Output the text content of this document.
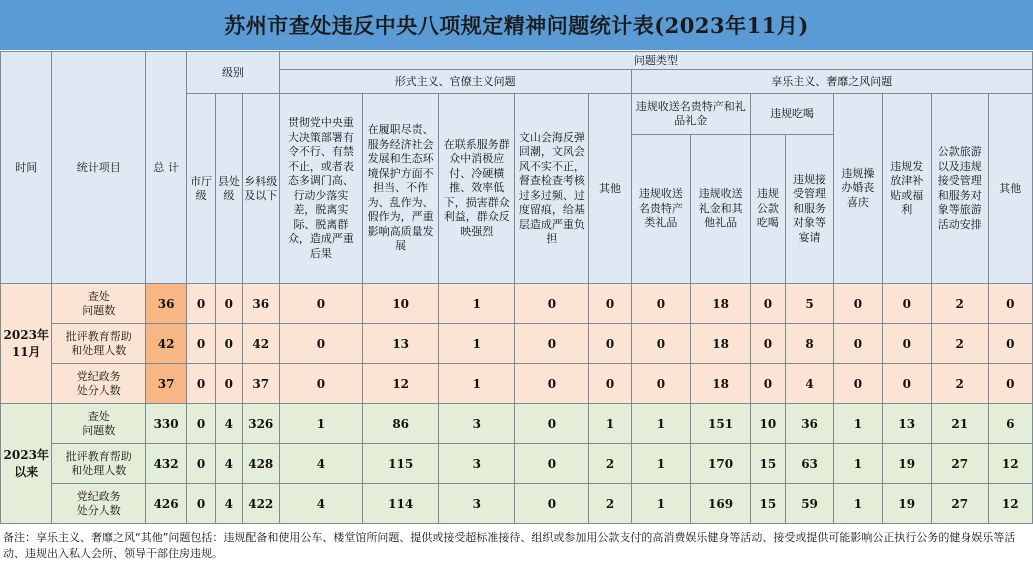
苏州市查处违反中央八项规定精神问题统计表(2023年11月)
时间	统计项目	总 计	级别			问题类型												
						形式主义、官僚主义问题					享乐主义、奢靡之风问题							
			市厅级	县处级	乡科级及以下	贯彻党中央重大决策部署有令不行、有禁不止，或者表态多调门高、行动少落实差，脱离实际、脱离群众，造成严重后果	在履职尽责、服务经济社会发展和生态环境保护方面不担当、不作为、乱作为、假作为，严重影响高质量发展	在联系服务群众中消极应付、冷硬横推、效率低下，损害群众利益，群众反映强烈	文山会海反弹回潮，文风会风不实不正，督查检查考核过多过频、过度留痕，给基层造成严重负担	其他	违规收送名贵特产和礼品礼金		违规吃喝		违规操办婚丧喜庆	违规发放津补贴或福利	公款旅游以及违规接受管理和服务对象等旅游活动安排	其他
											违规收送名贵特产类礼品	违规收送礼金和其他礼品	违规公款吃喝	违规接受管理和服务对象等宴请				
2023年
11月	查处
问题数	36	0	0	36	0	10	1	0	0	0	18	0	5	0	0	2	0
	批评教育帮助
和处理人数	42	0	0	42	0	13	1	0	0	0	18	0	8	0	0	2	0
	党纪政务
处分人数	37	0	0	37	0	12	1	0	0	0	18	0	4	0	0	2	0
2023年
以来	查处
问题数	330	0	4	326	1	86	3	0	1	1	151	10	36	1	13	21	6
	批评教育帮助
和处理人数	432	0	4	428	4	115	3	0	2	1	170	15	63	1	19	27	12
	党纪政务
处分人数	426	0	4	422	4	114	3	0	2	1	169	15	59	1	19	27	12
备注：享乐主义、奢靡之风“其他”问题包括：违规配备和使用公车、楼堂馆所问题、提供或接受超标准接待、组织或参加用公款支付的高消费娱乐健身等活动、接受或提供可能影响公正执行公务的健身娱乐等活动、违规出入私人会所、领导干部住房违规。
